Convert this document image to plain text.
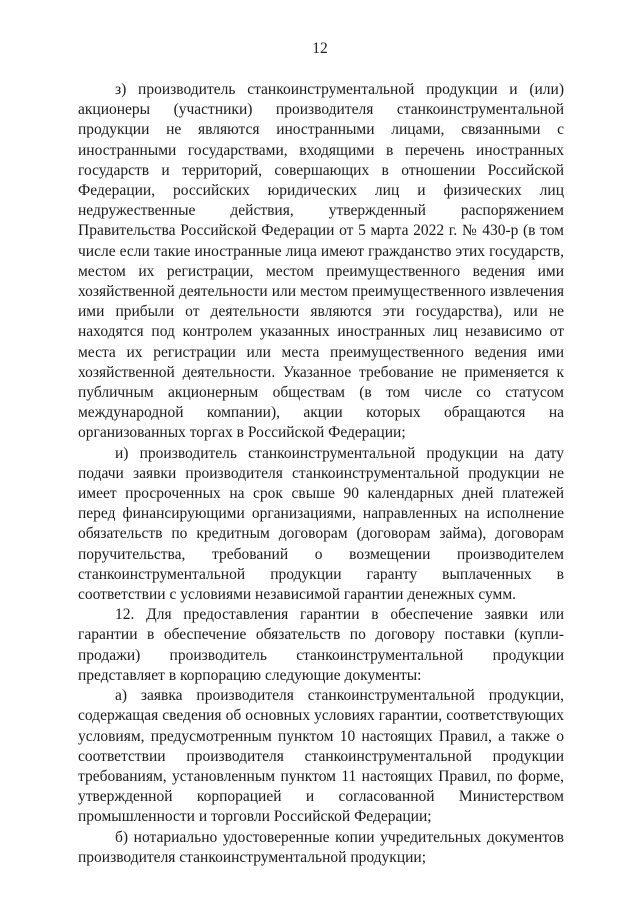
12

з) производитель станкоинструментальной продукции и (или) акционеры (участники) производителя станкоинструментальной продукции не являются иностранными лицами, связанными с иностранными государствами, входящими в перечень иностранных государств и территорий, совершающих в отношении Российской Федерации, российских юридических лиц и физических лиц недружественные действия, утвержденный распоряжением Правительства Российской Федерации от 5 марта 2022 г. № 430-р (в том числе если такие иностранные лица имеют гражданство этих государств, местом их регистрации, местом преимущественного ведения ими хозяйственной деятельности или местом преимущественного извлечения ими прибыли от деятельности являются эти государства), или не находятся под контролем указанных иностранных лиц независимо от места их регистрации или места преимущественного ведения ими хозяйственной деятельности. Указанное требование не применяется к публичным акционерным обществам (в том числе со статусом международной компании), акции которых обращаются на организованных торгах в Российской Федерации;

и) производитель станкоинструментальной продукции на дату подачи заявки производителя станкоинструментальной продукции не имеет просроченных на срок свыше 90 календарных дней платежей перед финансирующими организациями, направленных на исполнение обязательств по кредитным договорам (договорам займа), договорам поручительства, требований о возмещении производителем станкоинструментальной продукции гаранту выплаченных в соответствии с условиями независимой гарантии денежных сумм.

12. Для предоставления гарантии в обеспечение заявки или гарантии в обеспечение обязательств по договору поставки (купли-продажи) производитель станкоинструментальной продукции представляет в корпорацию следующие документы:

а) заявка производителя станкоинструментальной продукции, содержащая сведения об основных условиях гарантии, соответствующих условиям, предусмотренным пунктом 10 настоящих Правил, а также о соответствии производителя станкоинструментальной продукции требованиям, установленным пунктом 11 настоящих Правил, по форме, утвержденной корпорацией и согласованной Министерством промышленности и торговли Российской Федерации;

б) нотариально удостоверенные копии учредительных документов производителя станкоинструментальной продукции;
